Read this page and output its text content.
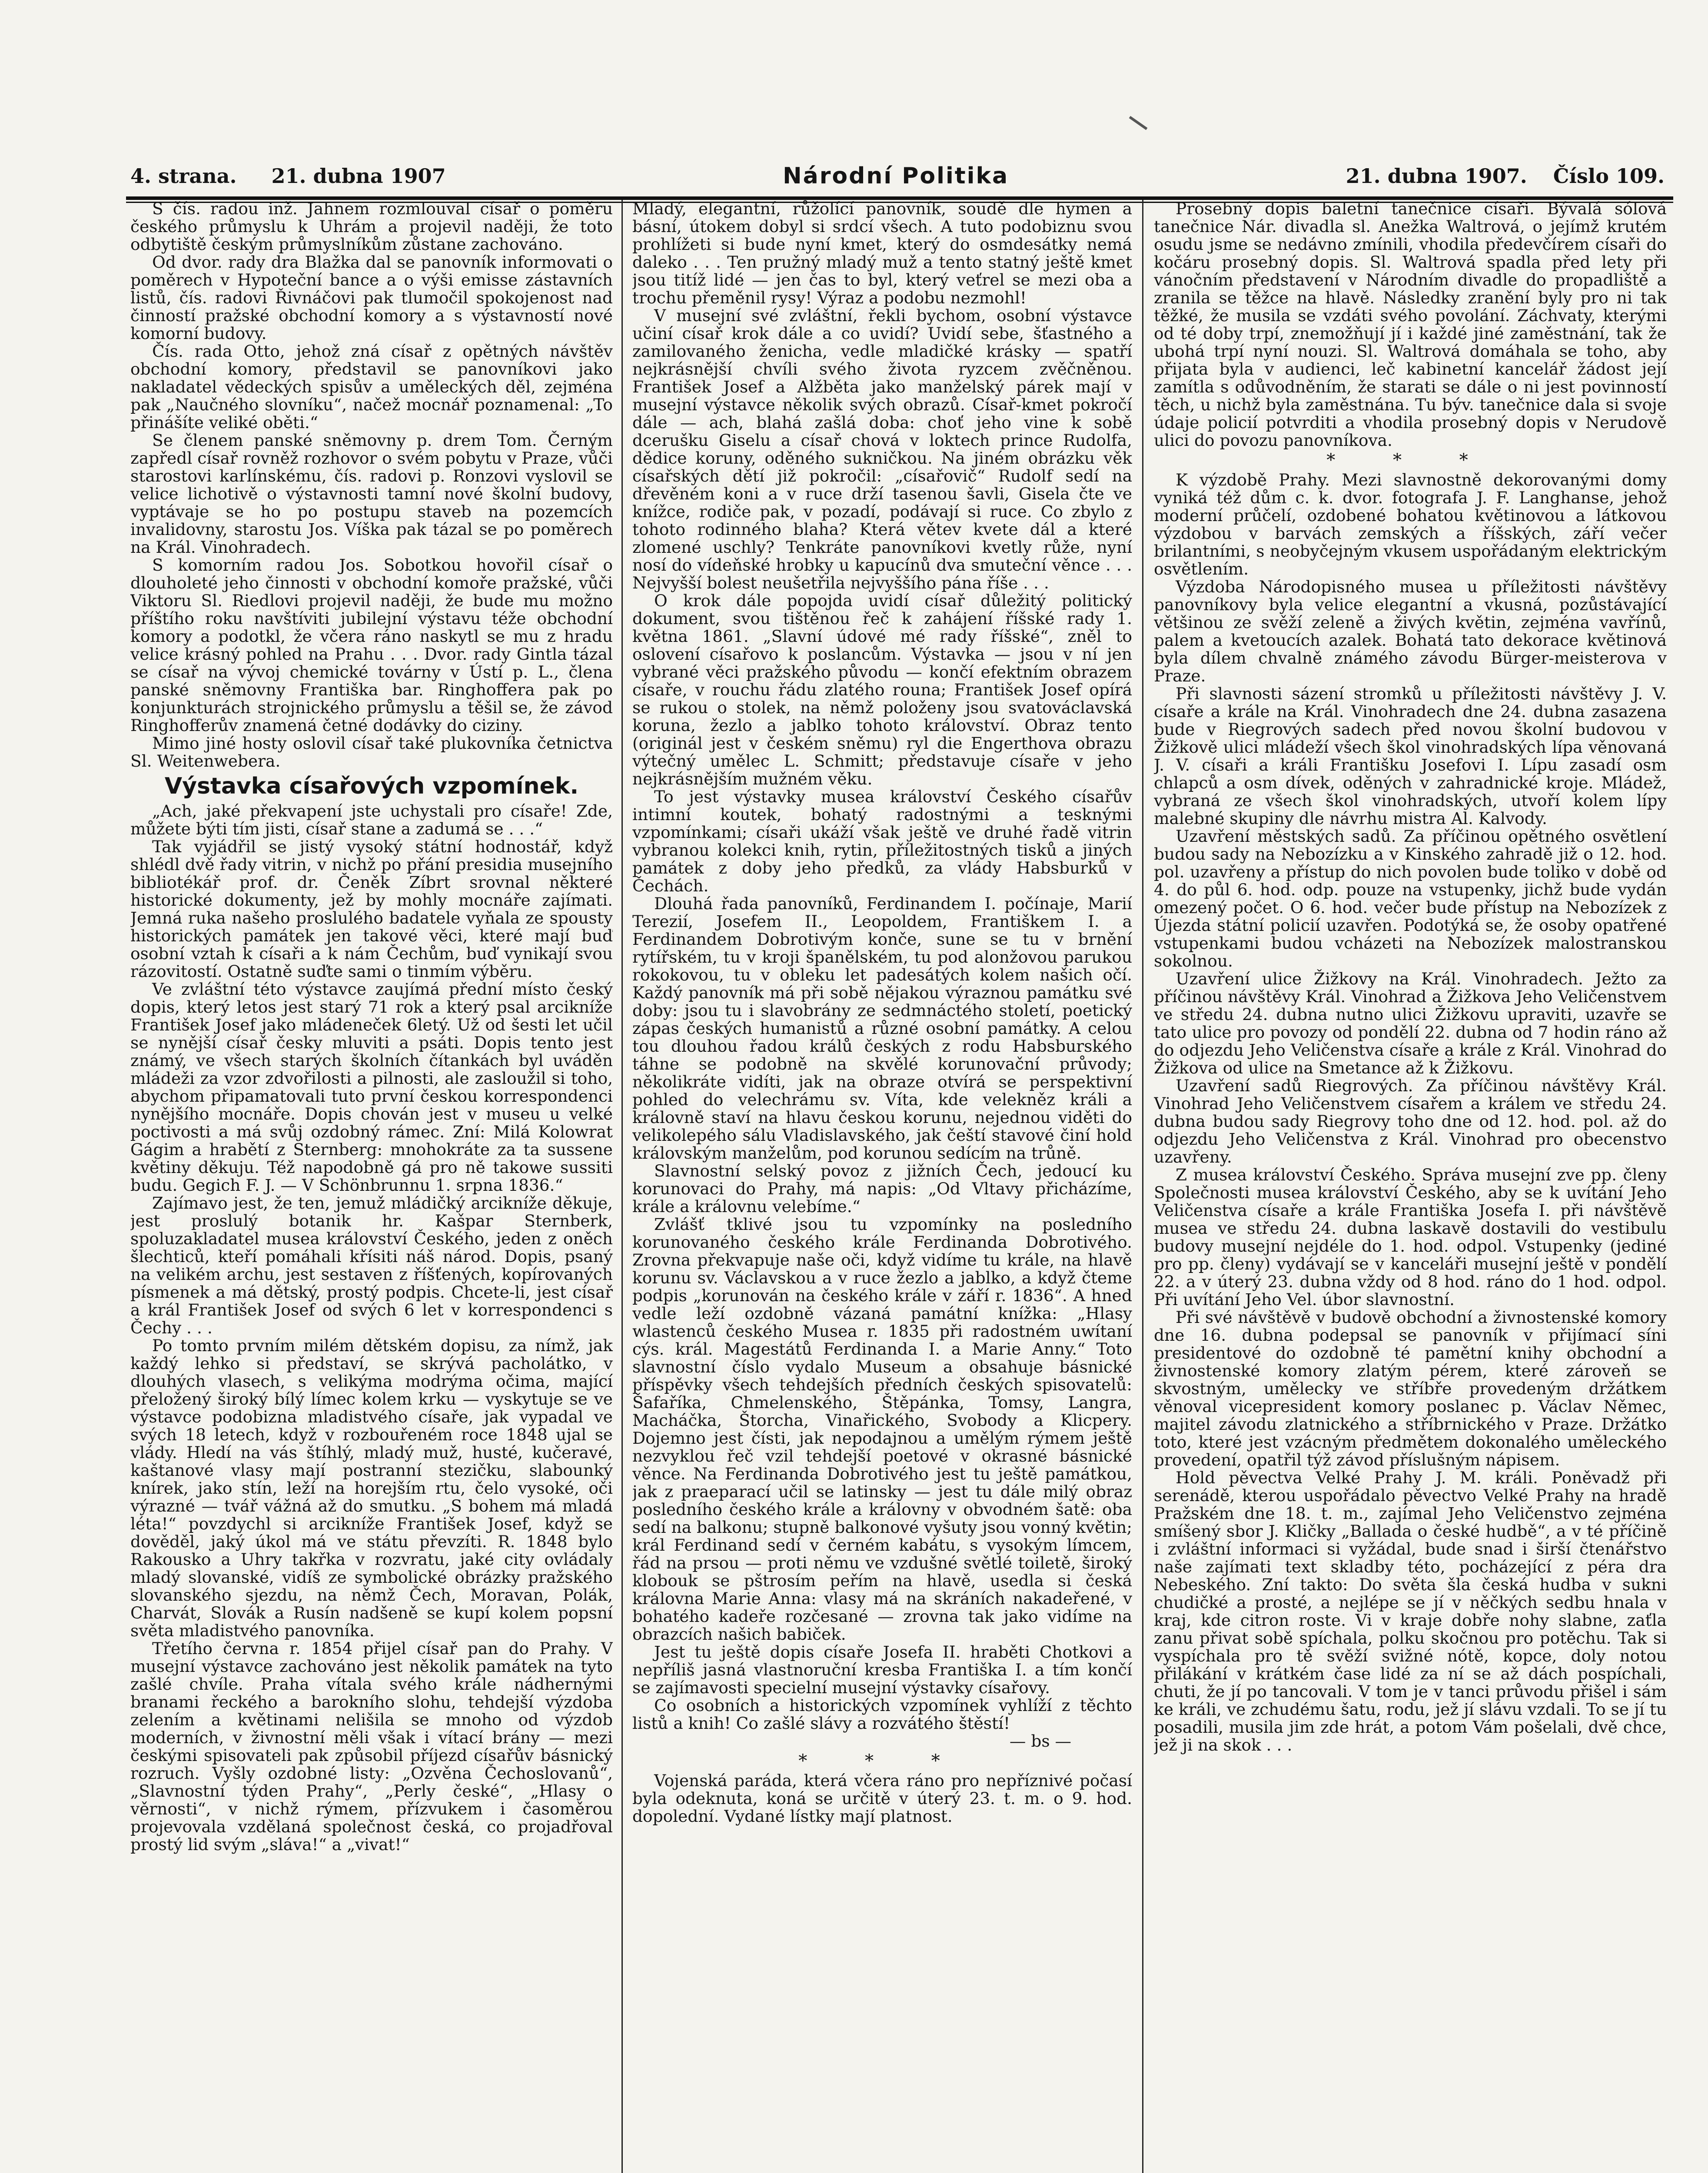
4. strana. 21. dubna 1907	Národní Politika	21. dubna 1907. Číslo 109.

S čís. radou inž. Jahnem rozmlouval císař o poměru českého průmyslu k Uhrám a projevil naději, že toto odbytiště českým průmyslníkům zůstane zachováno.

Od dvor. rady dra Blažka dal se panovník informovati o poměrech v Hypoteční bance a o výši emisse zástavních listů, čís. radovi Řivnáčovi pak tlumočil spokojenost nad činností pražské obchodní komory a s výstavností nové komorní budovy.

Čís. rada Otto, jehož zná císař z opětných návštěv obchodní komory, představil se panovníkovi jako nakladatel vědeckých spisův a uměleckých děl, zejména pak „Naučného slovníku“, načež mocnář poznamenal: „To přinášíte veliké oběti.“

Se členem panské sněmovny p. drem Tom. Černým zapředl císař rovněž rozhovor o svém pobytu v Praze, vůči starostovi karlínskému, čís. radovi p. Ronzovi vyslovil se velice lichotivě o výstavnosti tamní nové školní budovy, vyptávaje se ho po postupu staveb na pozemcích invalidovny, starostu Jos. Víška pak tázal se po poměrech na Král. Vinohradech.

S komorním radou Jos. Sobotkou hovořil císař o dlouholeté jeho činnosti v obchodní komoře pražské, vůči Viktoru Sl. Riedlovi projevil naději, že bude mu možno příštího roku navštíviti jubilejní výstavu téže obchodní komory a podotkl, že včera ráno naskytl se mu z hradu velice krásný pohled na Prahu . . . Dvor. rady Gintla tázal se císař na vývoj chemické továrny v Ústí p. L., člena panské sněmovny Františka bar. Ringhoffera pak po konjunkturách strojnického průmyslu a těšil se, že závod Ringhofferův znamená četné dodávky do ciziny.

Mimo jiné hosty oslovil císař také plukovníka četnictva Sl. Weitenwebera.

Výstavka císařových vzpomínek.

„Ach, jaké překvapení jste uchystali pro císaře! Zde, můžete býti tím jisti, císař stane a zadumá se . . .“

Tak vyjádřil se jistý vysoký státní hodnostář, když shlédl dvě řady vitrin, v nichž po přání presidia musejního bibliotékář prof. dr. Čeněk Zíbrt srovnal některé historické dokumenty, jež by mohly mocnáře zajímati. Jemná ruka našeho proslulého badatele vyňala ze spousty historických památek jen takové věci, které mají buď osobní vztah k císaři a k nám Čechům, buď vynikají svou rázovitostí. Ostatně suďte sami o tinmím výběru.

Ve zvláštní této výstavce zaujímá přední místo český dopis, který letos jest starý 71 rok a který psal arcikníže František Josef jako mládeneček 6letý. Už od šesti let učil se nynější císař česky mluviti a psáti. Dopis tento jest známý, ve všech starých školních čítankách byl uváděn mládeži za vzor zdvořilosti a pilnosti, ale zasloužil si toho, abychom připamatovali tuto první českou korrespondenci nynějšího mocnáře. Dopis chován jest v museu u velké poctivosti a má svůj ozdobný rámec. Zní: Milá Kolowrat Gágim a hrabětí z Sternberg: mnohokráte za ta sussene květiny děkuju. Též napodobně gá pro ně takowe sussiti budu. Gegich F. J. — V Schönbrunnu 1. srpna 1836.“

Zajímavo jest, že ten, jemuž mládičký arcikníže děkuje, jest proslulý botanik hr. Kašpar Sternberk, spoluzakladatel musea království Českého, jeden z oněch šlechticů, kteří pomáhali křísiti náš národ. Dopis, psaný na velikém archu, jest sestaven z říšťených, kopírovaných písmenek a má dětský, prostý podpis. Chcete-li, jest císař a král František Josef od svých 6 let v korrespondenci s Čechy . . .

Po tomto prvním milém dětském dopisu, za nímž, jak každý lehko si představí, se skrývá pacholátko, v dlouhých vlasech, s velikýma modrýma očima, mající přeložený široký bílý límec kolem krku — vyskytuje se ve výstavce podobizna mladistvého císaře, jak vypadal ve svých 18 letech, když v rozbouřeném roce 1848 ujal se vlády. Hledí na vás štíhlý, mladý muž, husté, kučeravé, kaštanové vlasy mají postranní stezičku, slabounký knírek, jako stín, leží na horejším rtu, čelo vysoké, oči výrazné — tvář vážná až do smutku. „S bohem má mladá léta!“ povzdychl si arcikníže František Josef, když se dověděl, jaký úkol má ve státu převzíti. R. 1848 bylo Rakousko a Uhry takřka v rozvratu, jaké city ovládaly mladý slovanské, vidíš ze symbolické obrázky pražského slovanského sjezdu, na němž Čech, Moravan, Polák, Charvát, Slovák a Rusín nadšeně se kupí kolem popsní světa mladistvého panovníka.

Třetího června r. 1854 přijel císař pan do Prahy. V musejní výstavce zachováno jest několik památek na tyto zašlé chvíle. Praha vítala svého krále nádhernými branami řeckého a barokního slohu, tehdejší výzdoba zelením a květinami nelišila se mnoho od výzdob moderních, v živnostní měli však i vítací brány — mezi českými spisovateli pak způsobil příjezd císařův básnický rozruch. Vyšly ozdobné listy: „Ozvěna Čechoslovanů“, „Slavnostní týden Prahy“, „Perly české“, „Hlasy o věrnosti“, v nichž rýmem, přízvukem i časoměrou projevovala vzdělaná společnost česká, co projadřoval prostý lid svým „sláva!“ a „vivat!“

Mladý, elegantní, růžolící panovník, soudě dle hymen a básní, útokem dobyl si srdcí všech. A tuto podobiznu svou prohlížeti si bude nyní kmet, který do osmdesátky nemá daleko . . . Ten pružný mladý muž a tento statný ještě kmet jsou titíž lidé — jen čas to byl, který veťrel se mezi oba a trochu přeměnil rysy! Výraz a podobu nezmohl!

V musejní své zvláštní, řekli bychom, osobní výstavce učiní císař krok dále a co uvidí? Uvidí sebe, šťastného a zamilovaného ženicha, vedle mladičké krásky — spatří nejkrásnější chvíli svého života ryzcem zvěčněnou. František Josef a Alžběta jako manželský párek mají v musejní výstavce několik svých obrazů. Císař-kmet pokročí dále — ach, blahá zašlá doba: choť jeho vine k sobě dcerušku Giselu a císař chová v loktech prince Rudolfa, dědice koruny, oděného sukničkou. Na jiném obrázku věk císařských dětí již pokročil: „císařovič“ Rudolf sedí na dřevěném koni a v ruce drží tasenou šavli, Gisela čte ve knížce, rodiče pak, v pozadí, podávají si ruce. Co zbylo z tohoto rodinného blaha? Která větev kvete dál a které zlomené uschly? Tenkráte panovníkovi kvetly růže, nyní nosí do vídeňské hrobky u kapucínů dva smuteční věnce . . . Nejvyšší bolest neušetřila nejvyššího pána říše . . .

O krok dále popojda uvidí císař důležitý politický dokument, svou tištěnou řeč k zahájení říšské rady 1. května 1861. „Slavní údové mé rady říšské“, zněl to oslovení císařovo k poslancům. Výstavka — jsou v ní jen vybrané věci pražského původu — končí efektním obrazem císaře, v rouchu řádu zlatého rouna; František Josef opírá se rukou o stolek, na němž položeny jsou svatováclavská koruna, žezlo a jablko tohoto království. Obraz tento (originál jest v českém sněmu) ryl die Engerthova obrazu výtečný umělec L. Schmitt; představuje císaře v jeho nejkrásnějším mužném věku.

To jest výstavky musea království Českého císařův intimní koutek, bohatý radostnými a tesknými vzpomínkami; císaři ukáží však ještě ve druhé řadě vitrin vybranou kolekci knih, rytin, příležitostných tisků a jiných památek z doby jeho předků, za vlády Habsburků v Čechách.

Dlouhá řada panovníků, Ferdinandem I. počínaje, Marií Terezií, Josefem II., Leopoldem, Františkem I. a Ferdinandem Dobrotivým konče, sune se tu v brnění rytířském, tu v kroji španělském, tu pod alonžovou parukou rokokovou, tu v obleku let padesátých kolem našich očí. Každý panovník má při sobě nějakou výraznou památku své doby: jsou tu i slavobrány ze sedmnáctého století, poetický zápas českých humanistů a různé osobní památky. A celou tou dlouhou řadou králů českých z rodu Habsburského táhne se podobně na skvělé korunovační průvody; několikráte vidíti, jak na obraze otvírá se perspektivní pohled do velechrámu sv. Víta, kde velekněz králi a královně staví na hlavu českou korunu, nejednou viděti do velikolepého sálu Vladislavského, jak čeští stavové činí hold královským manželům, pod korunou sedícím na trůně.

Slavnostní selský povoz z jižních Čech, jedoucí ku korunovaci do Prahy, má napis: „Od Vltavy přicházíme, krále a královnu velebíme.“

Zvlášť tklivé jsou tu vzpomínky na posledního korunovaného českého krále Ferdinanda Dobrotivého. Zrovna překvapuje naše oči, když vidíme tu krále, na hlavě korunu sv. Václavskou a v ruce žezlo a jablko, a když čteme podpis „korunován na českého krále v září r. 1836“. A hned vedle leží ozdobně vázaná památní knížka: „Hlasy wlastenců českého Musea r. 1835 při radostném uwítaní cýs. král. Magestátů Ferdinanda I. a Marie Anny.“ Toto slavnostní číslo vydalo Museum a obsahuje básnické příspěvky všech tehdejších předních českých spisovatelů: Šafaříka, Chmelenského, Štěpánka, Tomsy, Langra, Macháčka, Štorcha, Vinařického, Svobody a Klicpery. Dojemno jest čísti, jak nepodajnou a umělým rýmem ještě nezvyklou řeč vzil tehdejší poetové v okrasné básnické věnce. Na Ferdinanda Dobrotivého jest tu ještě památkou, jak z praeparací učil se latinsky — jest tu dále milý obraz posledního českého krále a královny v obvodném šatě: oba sedí na balkonu; stupně balkonové vyšuty jsou vonný květin; král Ferdinand sedí v černém kabátu, s vysokým límcem, řád na prsou — proti němu ve vzdušné světlé toiletě, široký klobouk se pštrosím peřím na hlavě, usedla si česká královna Marie Anna: vlasy má na skráních nakadeřené, v bohatého kadeře rozčesané — zrovna tak jako vidíme na obrazcích našich babiček.

Jest tu ještě dopis císaře Josefa II. hraběti Chotkovi a nepříliš jasná vlastnoruční kresba Františka I. a tím končí se zajímavosti specielní musejní výstavky císařovy.

Co osobních a historických vzpomínek vyhlíží z těchto listů a knih! Co zašlé slávy a rozvátého štěstí!

— bs —

* * *

Vojenská paráda, která včera ráno pro nepříznivé počasí byla odeknuta, koná se určitě v úterý 23. t. m. o 9. hod. dopolední. Vydané lístky mají platnost.

Prosebný dopis baletní tanečnice císaři. Bývalá sólová tanečnice Nár. divadla sl. Anežka Waltrová, o jejímž krutém osudu jsme se nedávno zmínili, vhodila předevčírem císaři do kočáru prosebný dopis. Sl. Waltrová spadla před lety při vánočním představení v Národním divadle do propadliště a zranila se těžce na hlavě. Následky zranění byly pro ni tak těžké, že musila se vzdáti svého povolání. Záchvaty, kterými od té doby trpí, znemožňují jí i každé jiné zaměstnání, tak že ubohá trpí nyní nouzi. Sl. Waltrová domáhala se toho, aby přijata byla v audienci, leč kabinetní kancelář žádost její zamítla s odůvodněním, že starati se dále o ni jest povinností těch, u nichž byla zaměstnána. Tu býv. tanečnice dala si svoje údaje policií potvrditi a vhodila prosebný dopis v Nerudově ulici do povozu panovníkova.

* * *

K výzdobě Prahy. Mezi slavnostně dekorovanými domy vyniká též dům c. k. dvor. fotografa J. F. Langhanse, jehož moderní průčelí, ozdobené bohatou květinovou a látkovou výzdobou v barvách zemských a říšských, září večer brilantními, s neobyčejným vkusem uspořádaným elektrickým osvětlením.

Výzdoba Národopisného musea u příležitosti návštěvy panovníkovy byla velice elegantní a vkusná, pozůstávající většinou ze svěží zeleně a živých květin, zejména vavřínů, palem a kvetoucích azalek. Bohatá tato dekorace květinová byla dílem chvalně známého závodu Bürger-meisterova v Praze.

Při slavnosti sázení stromků u příležitosti návštěvy J. V. císaře a krále na Král. Vinohradech dne 24. dubna zasazena bude v Riegrových sadech před novou školní budovou v Žižkově ulici mládeží všech škol vinohradských lípa věnovaná J. V. císaři a králi Františku Josefovi I. Lípu zasadí osm chlapců a osm dívek, oděných v zahradnické kroje. Mládež, vybraná ze všech škol vinohradských, utvoří kolem lípy malebné skupiny dle návrhu mistra Al. Kalvody.

Uzavření městských sadů. Za příčinou opětného osvětlení budou sady na Nebozízku a v Kinského zahradě již o 12. hod. pol. uzavřeny a přístup do nich povolen bude toliko v době od 4. do půl 6. hod. odp. pouze na vstupenky, jichž bude vydán omezený počet. O 6. hod. večer bude přístup na Nebozízek z Újezda státní policií uzavřen. Podotýká se, že osoby opatřené vstupenkami budou vcházeti na Nebozízek malostranskou sokolnou.

Uzavření ulice Žižkovy na Král. Vinohradech. Ježto za příčinou návštěvy Král. Vinohrad a Žižkova Jeho Veličenstvem ve středu 24. dubna nutno ulici Žižkovu upraviti, uzavře se tato ulice pro povozy od pondělí 22. dubna od 7 hodin ráno až do odjezdu Jeho Veličenstva císaře a krále z Král. Vinohrad do Žižkova od ulice na Smetance až k Žižkovu.

Uzavření sadů Riegrových. Za příčinou návštěvy Král. Vinohrad Jeho Veličenstvem císařem a králem ve středu 24. dubna budou sady Riegrovy toho dne od 12. hod. pol. až do odjezdu Jeho Veličenstva z Král. Vinohrad pro obecenstvo uzavřeny.

Z musea království Českého. Správa musejní zve pp. členy Společnosti musea království Českého, aby se k uvítání Jeho Veličenstva císaře a krále Františka Josefa I. při návštěvě musea ve středu 24. dubna laskavě dostavili do vestibulu budovy musejní nejdéle do 1. hod. odpol. Vstupenky (jediné pro pp. členy) vydávají se v kanceláři musejní ještě v pondělí 22. a v úterý 23. dubna vždy od 8 hod. ráno do 1 hod. odpol. Při uvítání Jeho Vel. úbor slavnostní.

Při své návštěvě v budově obchodní a živnostenské komory dne 16. dubna podepsal se panovník v přijímací síni presidentové do ozdobně té pamětní knihy obchodní a živnostenské komory zlatým pérem, které zároveň se skvostným, umělecky ve stříbře provedeným držátkem věnoval vicepresident komory poslanec p. Václav Němec, majitel závodu zlatnického a stříbrnického v Praze. Držátko toto, které jest vzácným předmětem dokonalého uměleckého provedení, opatřil týž závod příslušným nápisem.

Hold pěvectva Velké Prahy J. M. králi. Poněvadž při serenádě, kterou uspořádalo pěvectvo Velké Prahy na hradě Pražském dne 18. t. m., zajímal Jeho Veličenstvo zejména smíšený sbor J. Kličky „Ballada o české hudbě“, a v té příčině i zvláštní informaci si vyžádal, bude snad i širší čtenářstvo naše zajímati text skladby této, pocházející z péra dra Nebeského. Zní takto: Do světa šla česká hudba v sukni chudičké a prosté, a nejlépe se jí v něčkých sedbu hnala v kraj, kde citron roste. Vi v kraje dobře nohy slabne, zaťla zanu přivat sobě spíchala, polku skočnou pro potěchu. Tak si vyspíchala pro tě svěží svižné nótě, kopce, doly notou přilákání v krátkém čase lidé za ní se až dách pospíchali, chuti, že jí po tancovali. V tom je v tanci průvodu přišel i sám ke králi, ve zchudému šatu, rodu, jež jí slávu vzdali. To se jí tu posadili, musila jim zde hrát, a potom Vám pošelali, dvě chce, jež ji na skok . . .
